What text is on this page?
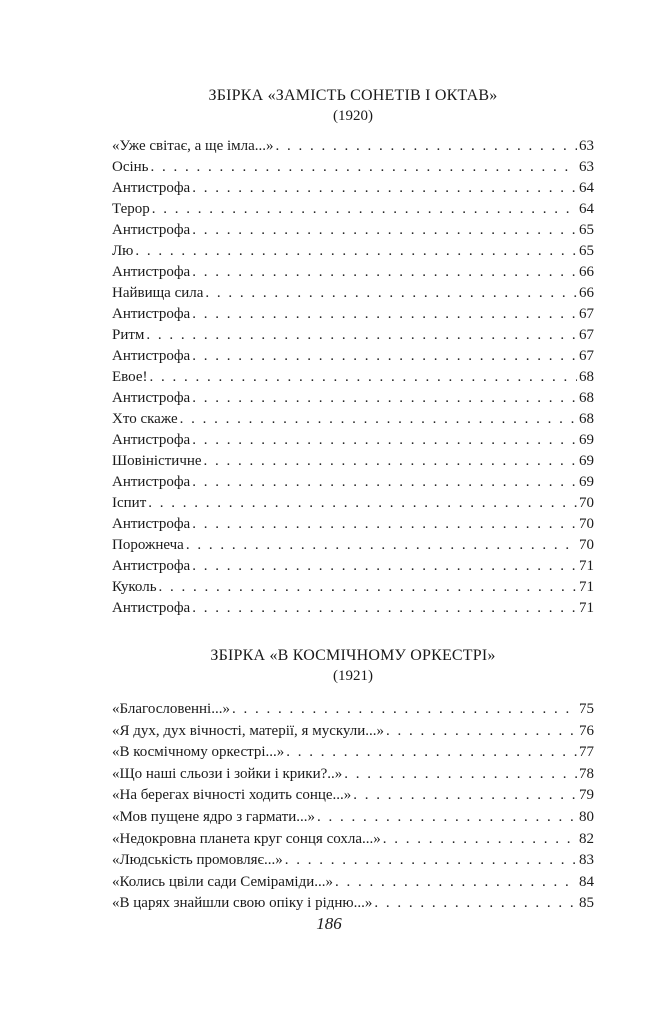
ЗБІРКА «ЗАМІСТЬ СОНЕТІВ І ОКТАВ»
(1920)
«Уже світає, а ще імла...» . . .	63
Осінь . . .	63
Антистрофа . . .	64
Терор . . .	64
Антистрофа . . .	65
Лю . . .	65
Антистрофа . . .	66
Найвища сила . . .	66
Антистрофа . . .	67
Ритм . . .	67
Антистрофа . . .	67
Евое! . . .	68
Антистрофа . . .	68
Хто скаже . . .	68
Антистрофа . . .	69
Шовіністичне . . .	69
Антистрофа . . .	69
Іспит . . .	70
Антистрофа . . .	70
Порожнеча . . .	70
Антистрофа . . .	71
Куколь . . .	71
Антистрофа . . .	71
ЗБІРКА «В КОСМІЧНОМУ ОРКЕСТРІ»
(1921)
«Благословенні...» . . .	75
«Я дух, дух вічності, матерії, я мускули...» . . .	76
«В космічному оркестрі...» . . .	77
«Що наші сльози і зойки і крики?..» . . .	78
«На берегах вічності ходить сонце...» . . .	79
«Мов пущене ядро з гармати...» . . .	80
«Недокровна планета круг сонця сохла...» . . .	82
«Людськість промовляє...» . . .	83
«Колись цвіли сади Семіраміди...» . . .	84
«В царях знайшли свою опіку і рідню...» . . .	85
186
